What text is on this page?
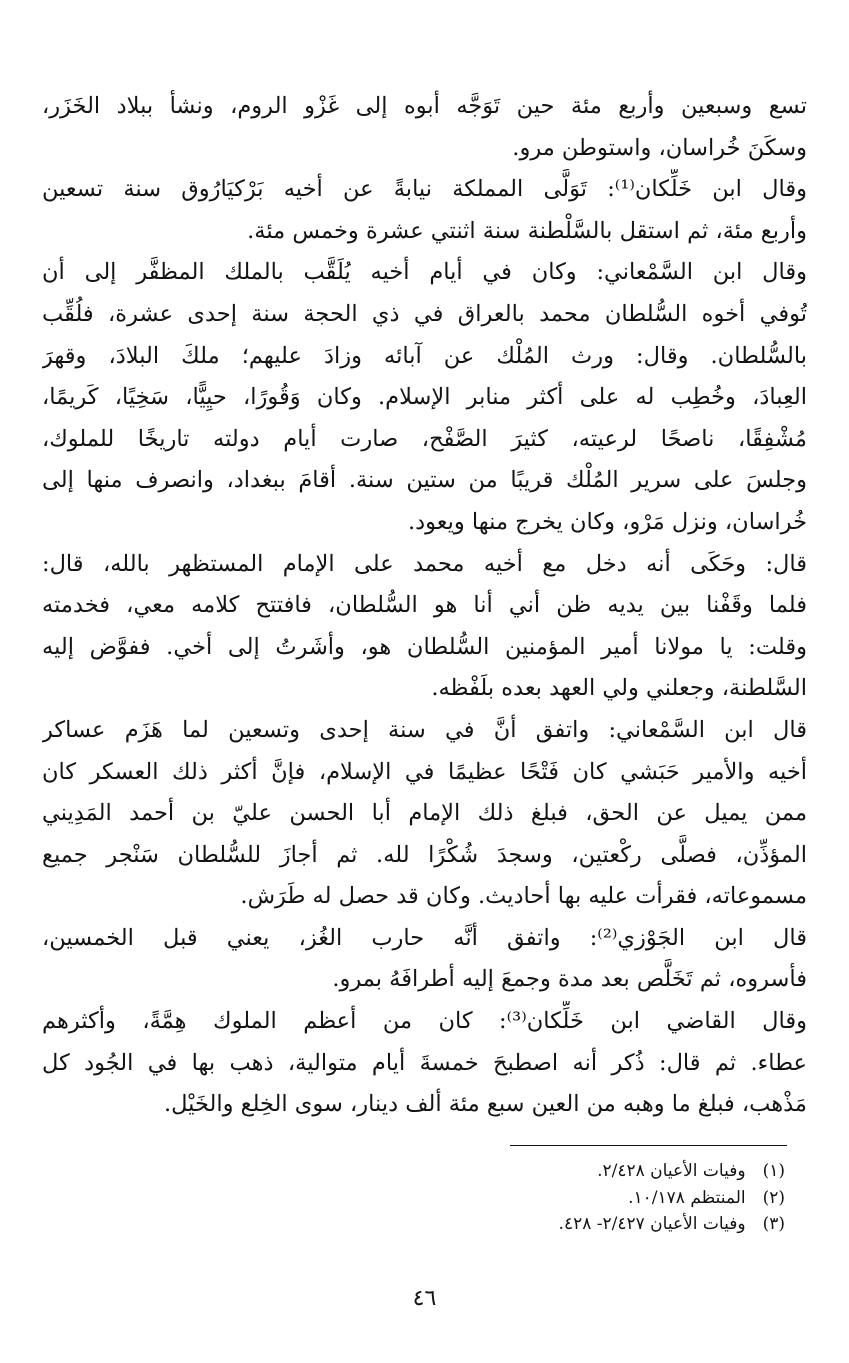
تسع وسبعين وأربع مئة حين تَوَجَّه أبوه إلى غَزْو الروم، ونشأ ببلاد الخَزَر،
وسكَنَ خُراسان، واستوطن مرو.
وقال ابن خَلِّكان⁽¹⁾: تَوَلَّى المملكة نيابةً عن أخيه بَرْكيَارُوق سنة تسعين
وأربع مئة، ثم استقل بالسَّلْطنة سنة اثنتي عشرة وخمس مئة.
وقال ابن السَّمْعاني: وكان في أيام أخيه يُلَقَّب بالملك المظفَّر إلى أن
تُوفي أخوه السُّلطان محمد بالعراق في ذي الحجة سنة إحدى عشرة، فلُقِّب
بالسُّلطان. وقال: ورث المُلْك عن آبائه وزادَ عليهم؛ ملكَ البلادَ، وقهرَ
العِبادَ، وخُطِب له على أكثر منابر الإسلام. وكان وَقُورًا، حيِيًّا، سَخِيًا، كَريمًا،
مُشْفِقًا، ناصحًا لرعيته، كثيرَ الصَّفْح، صارت أيام دولته تاريخًا للملوك،
وجلسَ على سرير المُلْك قريبًا من ستين سنة. أقامَ ببغداد، وانصرف منها إلى
خُراسان، ونزل مَرْو، وكان يخرج منها ويعود.
قال: وحَكَى أنه دخل مع أخيه محمد على الإمام المستظهر بالله، قال:
فلما وقَفْنا بين يديه ظن أني أنا هو السُّلطان، فافتتح كلامه معي، فخدمته
وقلت: يا مولانا أمير المؤمنين السُّلطان هو، وأشَرتُ إلى أخي. ففوَّض إليه
السَّلطنة، وجعلني ولي العهد بعده بلَفْظه.
قال ابن السَّمْعاني: واتفق أنَّ في سنة إحدى وتسعين لما هَزَم عساكر
أخيه والأمير حَبَشي كان فَتْحًا عظيمًا في الإسلام، فإنَّ أكثر ذلك العسكر كان
ممن يميل عن الحق، فبلغ ذلك الإمام أبا الحسن عليّ بن أحمد المَدِيني
المؤذِّن، فصلَّى ركْعتين، وسجدَ شُكْرًا لله. ثم أجازَ للسُّلطان سَنْجر جميع
مسموعاته، فقرأت عليه بها أحاديث. وكان قد حصل له طَرَش.
قال ابن الجَوْزي⁽²⁾: واتفق أنَّه حارب الغُز، يعني قبل الخمسين،
فأسروه، ثم تَخَلَّص بعد مدة وجمعَ إليه أطرافَهُ بمرو.
وقال القاضي ابن خَلِّكان⁽³⁾: كان من أعظم الملوك هِمَّةً، وأكثرهم
عطاء. ثم قال: ذُكر أنه اصطبحَ خمسةَ أيام متوالية، ذهب بها في الجُود كل
مَذْهب، فبلغ ما وهبه من العين سبع مئة ألف دينار، سوى الخِلع والخَيْل.
(١) وفيات الأعيان ٢/٤٢٨.
(٢) المنتظم ١٠/١٧٨.
(٣) وفيات الأعيان ٢/٤٢٧- ٤٢٨.
٤٦
